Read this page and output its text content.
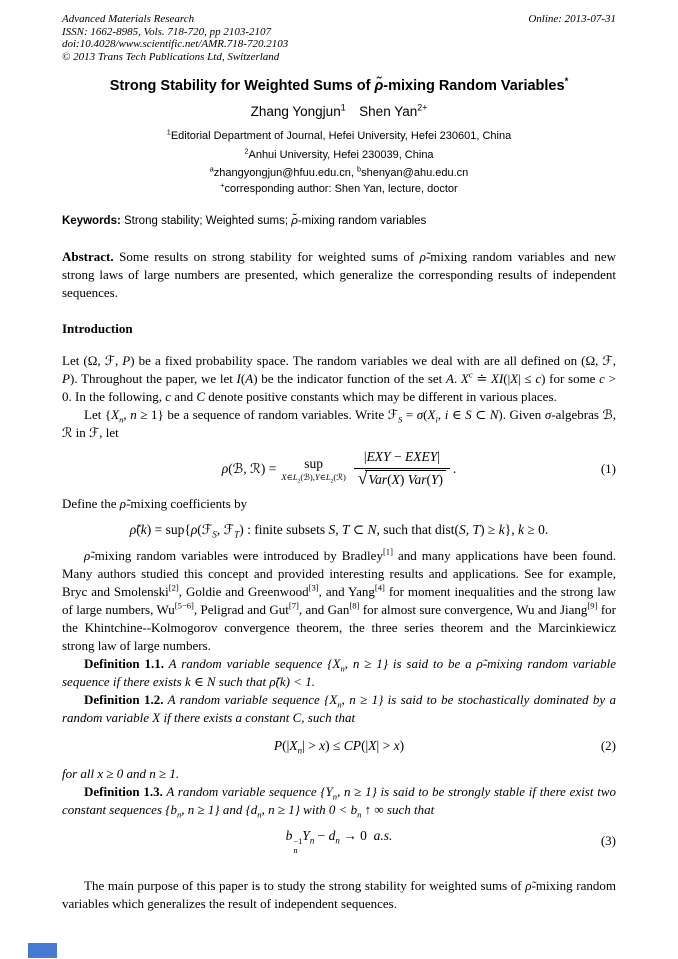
Advanced Materials Research
ISSN: 1662-8985, Vols. 718-720, pp 2103-2107
doi:10.4028/www.scientific.net/AMR.718-720.2103
© 2013 Trans Tech Publications Ltd, Switzerland
Online: 2013-07-31
Strong Stability for Weighted Sums of ρ̃-mixing Random Variables*
Zhang Yongjun$^1$  Shen Yan$^{2+}$
$^1$Editorial Department of Journal, Hefei University, Hefei 230601, China
$^2$Anhui University, Hefei 230039, China
$^a$zhangyongjun@hfuu.edu.cn, $^b$shenyan@ahu.edu.cn
+corresponding author: Shen Yan, lecture, doctor
Keywords: Strong stability; Weighted sums; ρ̃-mixing random variables
Abstract. Some results on strong stability for weighted sums of ρ̃-mixing random variables and new strong laws of large numbers are presented, which generalize the corresponding results of independent sequences.
Introduction
Let (Ω, ℱ, P) be a fixed probability space. The random variables we deal with are all defined on (Ω, ℱ, P). Throughout the paper, we let I(A) be the indicator function of the set A. $X^c$ ≐ XI(|X| ≤ c) for some c > 0. In the following, c and C denote positive constants which may be different in various places.
Let {$X_n$, n ≥ 1} be a sequence of random variables. Write ℱ$_S$ = $\sigma(X_i$, i ∈ S ⊂ N). Given σ-algebras ℬ, ℛ in ℱ, let
ρ(ℬ, ℛ) = sup
$X\in L_2(ℬ),Y\in L_2(ℛ) \frac{\text{|EXY − EXEY|}}{\text{√ Var(X) Var(Y)}}$ .	(1)
Define the ρ̃-mixing coefficients by
ρ̃(k) = sup{ρ(ℱ$_S$, ℱ$_T$) : finite subsets S, T ⊂ N, such that dist(S, T) ≥ k}, k ≥ 0.
ρ̃-mixing random variables were introduced by Bradley[1] and many applications have been found. Many authors studied this concept and provided interesting results and applications. See for example, Bryc and Smolenski[2], Goldie and Greenwood[3], and Yang[4] for moment inequalities and the strong law of large numbers, Wu[5−6], Peligrad and Gut[7], and Gan[8] for almost sure convergence, Wu and Jiang[9] for the Khintchine--Kolmogorov convergence theorem, the three series theorem and the Marcinkiewicz strong law of large numbers.
Definition 1.1. A random variable sequence {$X_n$, n ≥ 1} is said to be a ρ̃-mixing random variable sequence if there exists k ∈ N such that ρ̃(k) < 1.
Definition 1.2. A random variable sequence {$X_n$, n ≥ 1} is said to be stochastically dominated by a random variable X if there exists a constant C, such that
$P(|X_n| > x) \le CP(|X| > x)$	(2)
for all x ≥ 0 and n ≥ 1.
Definition 1.3. A random variable sequence {$Y_n$, n ≥ 1} is said to be strongly stable if there exist two constant sequences {$b_n$, n ≥ 1} and {$d_n$, n ≥ 1} with $0 < b_n$ ↑ ∞ such that
b −1
n
$Y_n - d_n \to 0$ a.s.	(3)
The main purpose of this paper is to study the strong stability for weighted sums of ρ̃-mixing random variables which generalizes the result of independent sequences.
